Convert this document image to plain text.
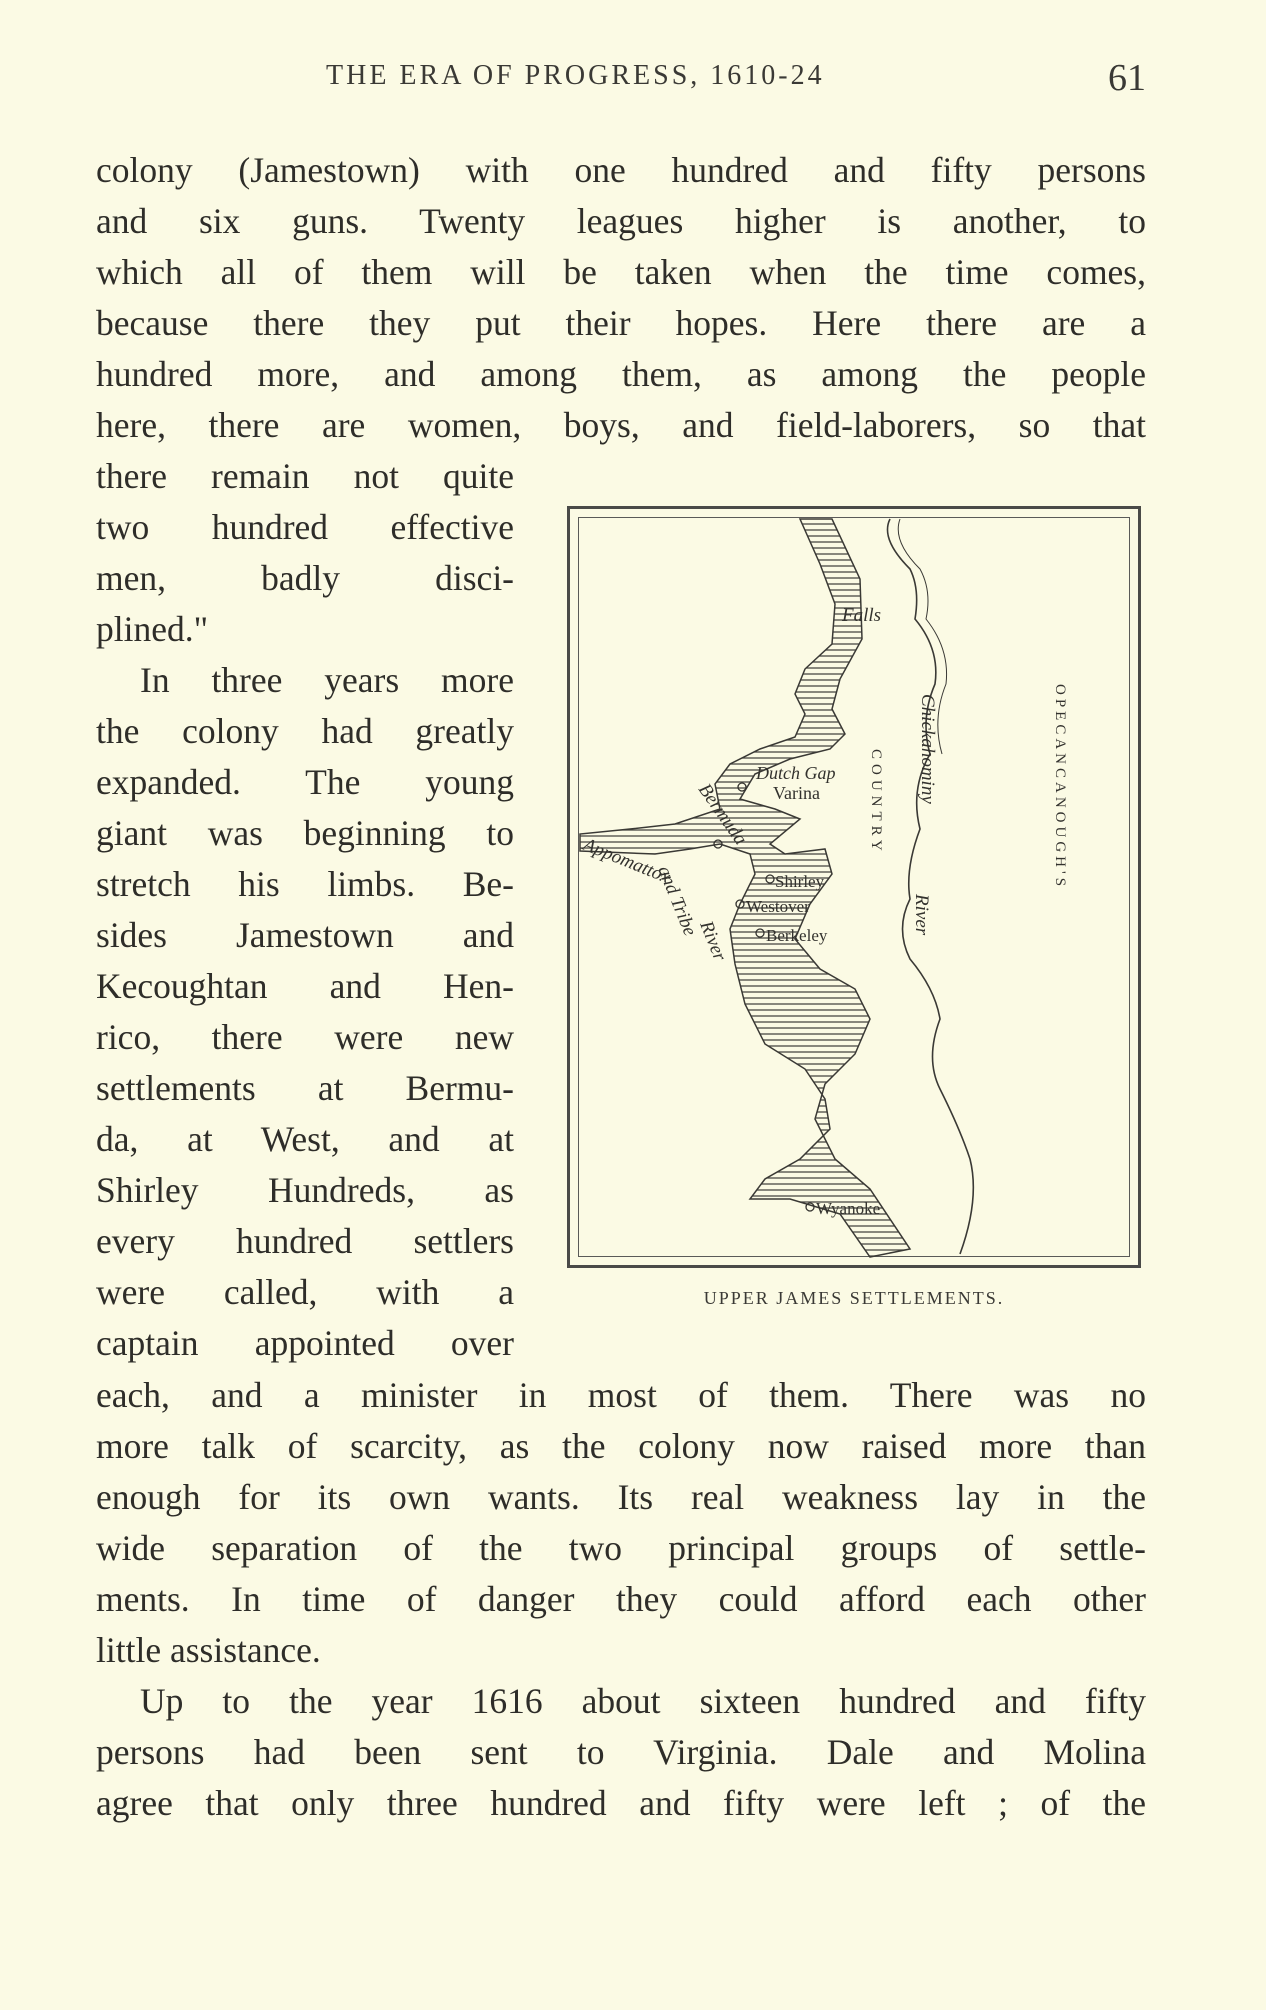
THE ERA OF PROGRESS, 1610-24	61
colony (Jamestown) with one hundred and fifty persons
and six guns. Twenty leagues higher is another, to
which all of them will be taken when the time comes,
because there they put their hopes. Here there are a
hundred more, and among them, as among the people
here, there are women, boys, and field-laborers, so that
there remain not quite
two hundred effective
men, badly disci-
plined."
In three years more
the colony had greatly
expanded. The young
giant was beginning to
stretch his limbs. Be-
sides Jamestown and
Kecoughtan and Hen-
rico, there were new
settlements at Bermu-
da, at West, and at
Shirley Hundreds, as
every hundred settlers
were called, with a
captain appointed over
Falls
Dutch Gap
Varina
Bermuda
Appomattox
and Tribe
River
Shirley
Westover
Berkeley
Wyanoke
Chickahominy
River
COUNTRY	OPECANCANOUGH'S
UPPER JAMES SETTLEMENTS.
each, and a minister in most of them. There was no
more talk of scarcity, as the colony now raised more than
enough for its own wants. Its real weakness lay in the
wide separation of the two principal groups of settle-
ments. In time of danger they could afford each other
little assistance.
Up to the year 1616 about sixteen hundred and fifty
persons had been sent to Virginia. Dale and Molina
agree that only three hundred and fifty were left ; of the
